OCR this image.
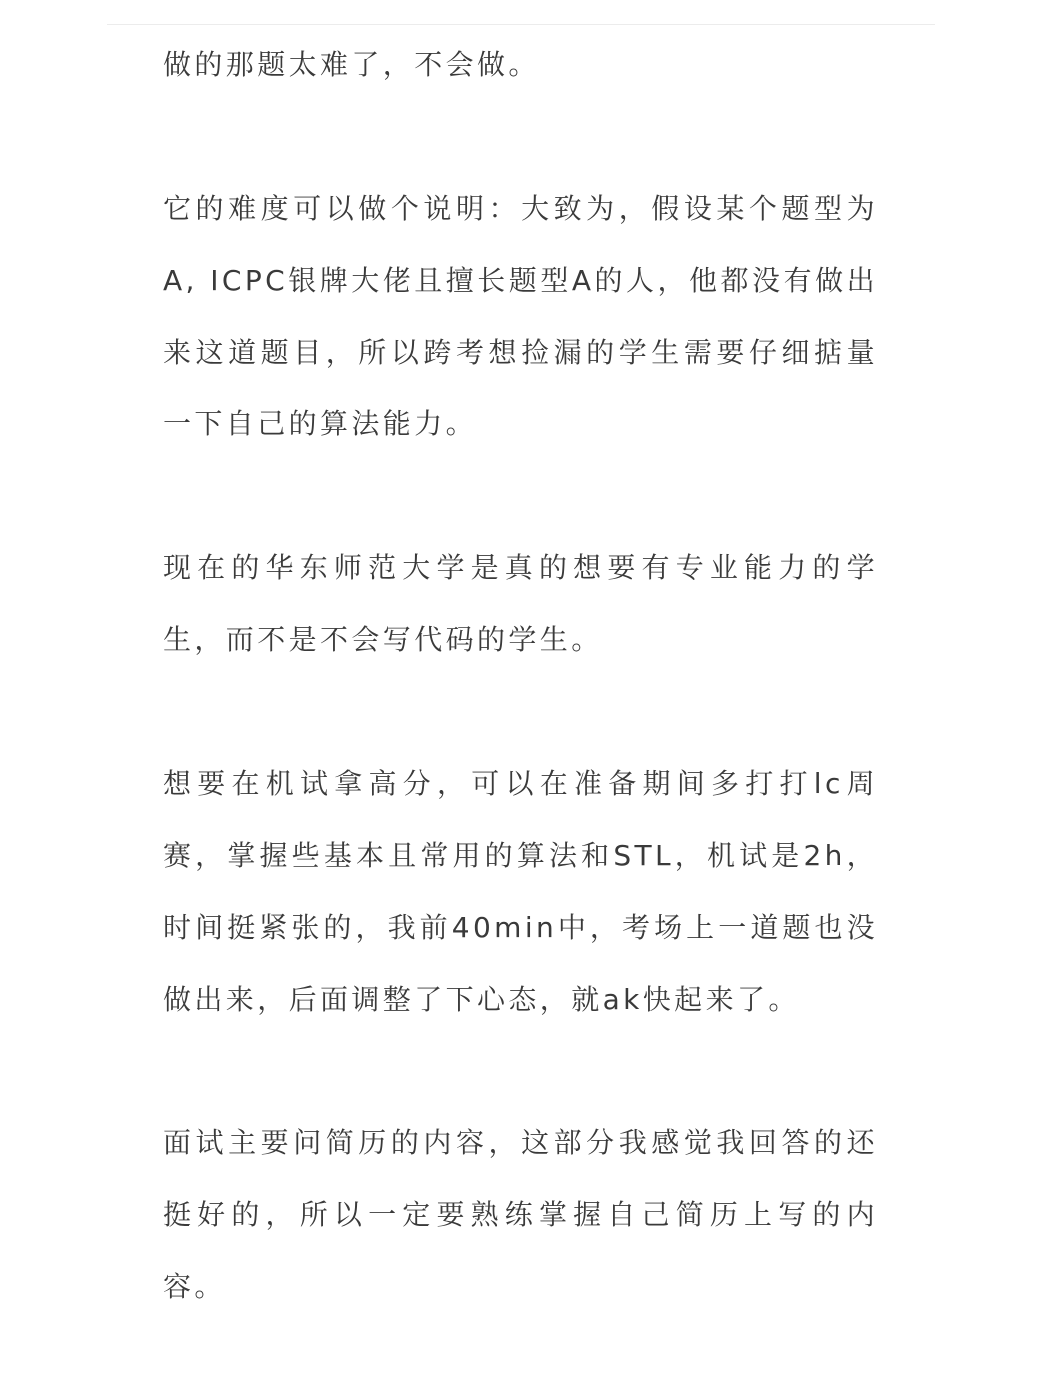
做的那题太难了，不会做。

它的难度可以做个说明：大致为，假设某个题型为
A, ICPC银牌大佬且擅长题型A的人，他都没有做出
来这道题目，所以跨考想捡漏的学生需要仔细掂量
一下自己的算法能力。

现在的华东师范大学是真的想要有专业能力的学
生，而不是不会写代码的学生。

想要在机试拿高分，可以在准备期间多打打lc周
赛，掌握些基本且常用的算法和STL，机试是2h，
时间挺紧张的，我前40min中，考场上一道题也没
做出来，后面调整了下心态，就ak快起来了。

面试主要问简历的内容，这部分我感觉我回答的还
挺好的，所以一定要熟练掌握自己简历上写的内
容。
